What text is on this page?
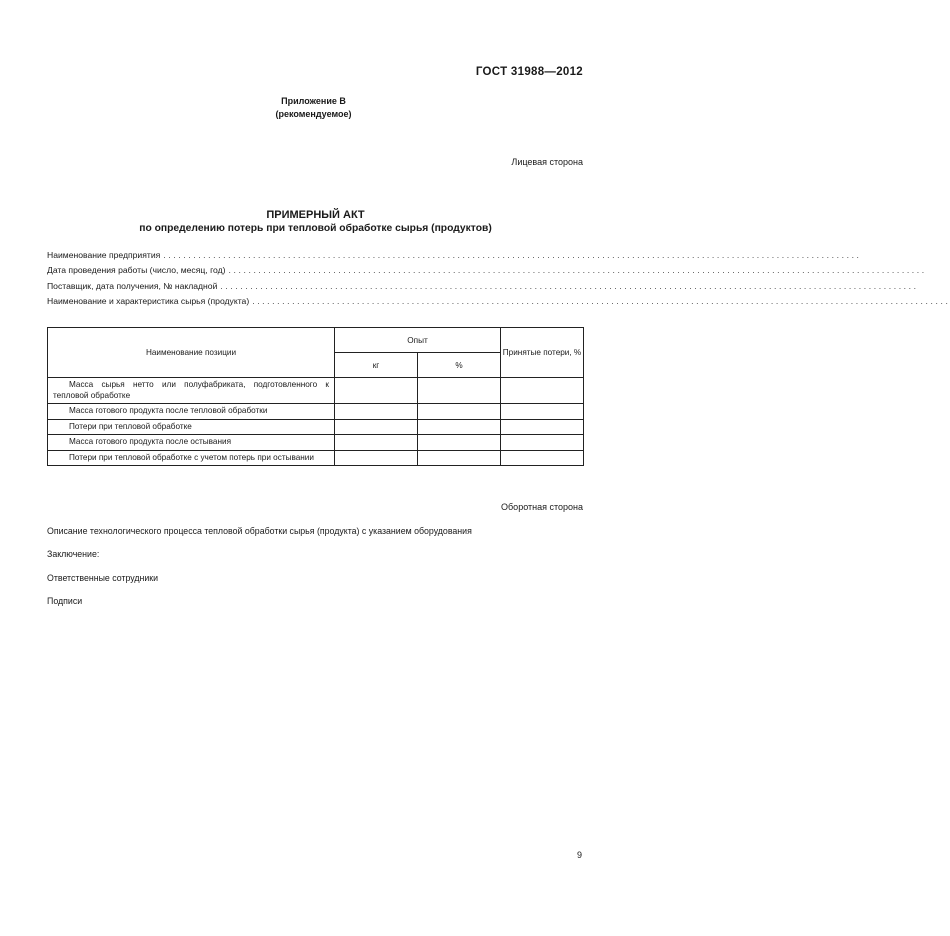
ГОСТ 31988—2012
Приложение В
(рекомендуемое)
Лицевая сторона
ПРИМЕРНЫЙ АКТ
по определению потерь при тепловой обработке сырья (продуктов)
Наименование предприятия ............................................................................................................................................
Дата проведения работы (число, месяц, год) ............................................................................................................................................
Поставщик, дата получения, № накладной ............................................................................................................................................
Наименование и характеристика сырья (продукта) ............................................................................................................................................
Наименование позиции	Опыт		Принятые потери, %
	кг	%	
Масса сырья нетто или полуфабриката, подготовленного к тепловой обработке			
Масса готового продукта после тепловой обработки			
Потери при тепловой обработке			
Масса готового продукта после остывания			
Потери при тепловой обработке с учетом потерь при остывании			
Оборотная сторона
Описание технологического процесса тепловой обработки сырья (продукта) с указанием оборудования
Заключение:
Ответственные сотрудники
Подписи
9
